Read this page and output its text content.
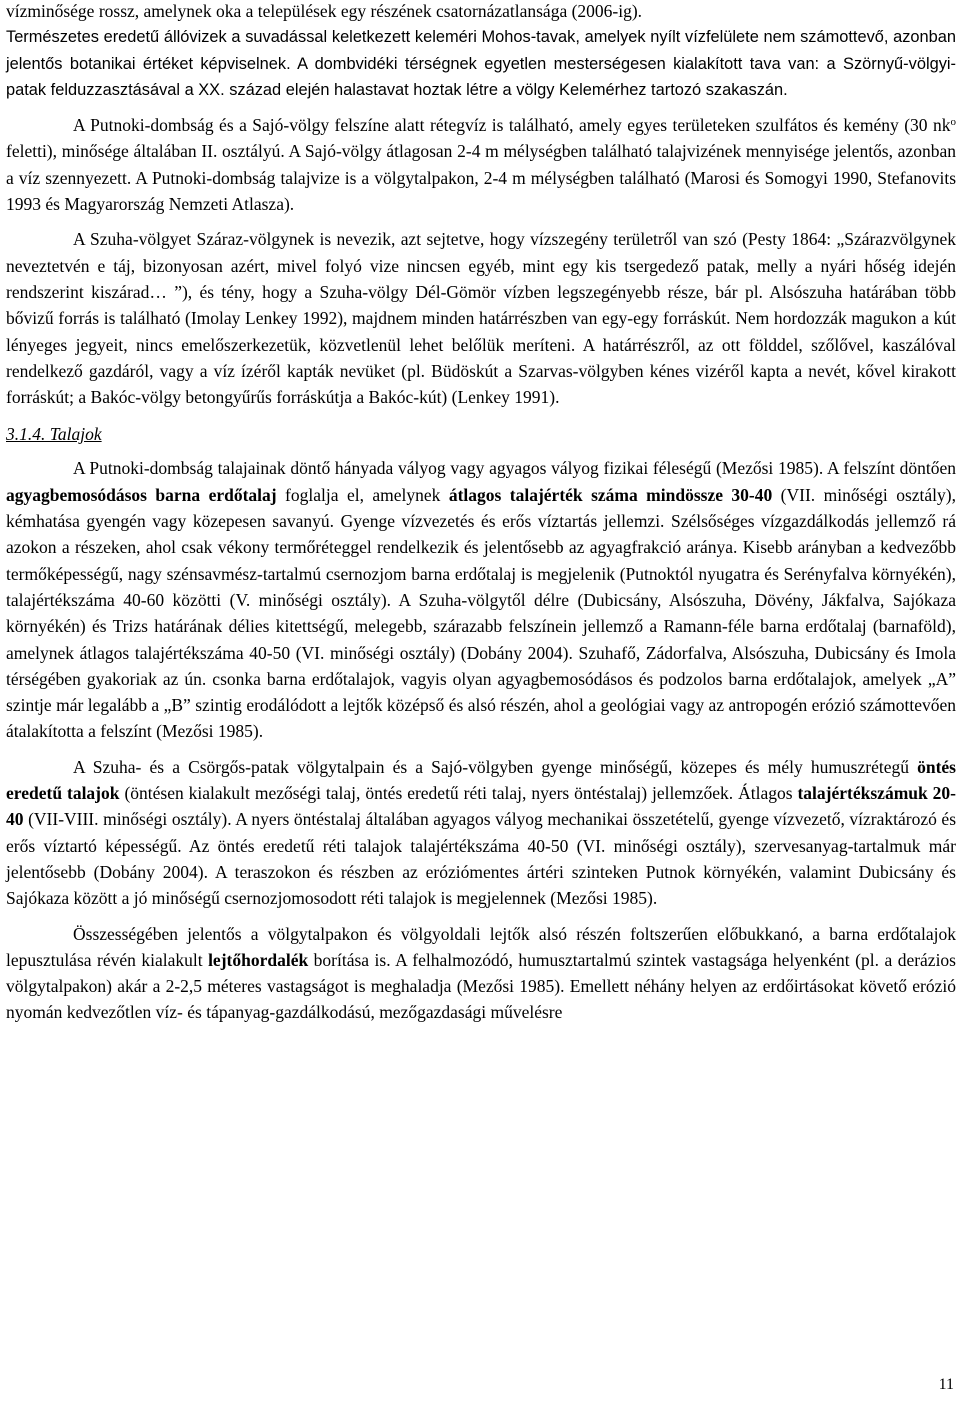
vízminősége rossz, amelynek oka a települések egy részének csatornázatlansága (2006-ig).

Természetes eredetű állóvizek a suvadással keletkezett keleméri Mohos-tavak, amelyek nyílt vízfelülete nem számottevő, azonban jelentős botanikai értéket képviselnek. A dombvidéki térségnek egyetlen mesterségesen kialakított tava van: a Szörnyű-völgyi-patak felduzzasztásával a XX. század elején halastavat hoztak létre a völgy Kelemérhez tartozó szakaszán.

A Putnoki-dombság és a Sajó-völgy felszíne alatt rétegvíz is található, amely egyes területeken szulfátos és kemény (30 $nk^o$ feletti), minősége általában II. osztályú. A Sajó-völgy átlagosan 2-4 m mélységben található talajvizének mennyisége jelentős, azonban a víz szennyezett. A Putnoki-dombság talajvize is a völgytalpakon, 2-4 m mélységben található (Marosi és Somogyi 1990, Stefanovits 1993 és Magyarország Nemzeti Atlasza).

A Szuha-völgyet Száraz-völgynek is nevezik, azt sejtetve, hogy vízszegény területről van szó (Pesty 1864: „Szárazvölgynek neveztetvén e táj, bizonyosan azért, mivel folyó vize nincsen egyéb, mint egy kis tsergedező patak, melly a nyári hőség idején rendszerint kiszárad… ”), és tény, hogy a Szuha-völgy Dél-Gömör vízben legszegényebb része, bár pl. Alsószuha határában több bővizű forrás is található (Imolay Lenkey 1992), majdnem minden határrészben van egy-egy forráskút. Nem hordozzák magukon a kút lényeges jegyeit, nincs emelőszerkezetük, közvetlenül lehet belőlük meríteni. A határrészről, az ott földdel, szőlővel, kaszálóval rendelkező gazdáról, vagy a víz ízéről kapták nevüket (pl. Büdöskút a Szarvas-völgyben kénes vizéről kapta a nevét, kővel kirakott forráskút; a Bakóc-völgy betongyűrűs forráskútja a Bakóc-kút) (Lenkey 1991).

3.1.4. Talajok

A Putnoki-dombság talajainak döntő hányada vályog vagy agyagos vályog fizikai féleségű (Mezősi 1985). A felszínt döntően agyagbemosódásos barna erdőtalaj foglalja el, amelynek átlagos talajérték száma mindössze 30-40 (VII. minőségi osztály), kémhatása gyengén vagy közepesen savanyú. Gyenge vízvezetés és erős víztartás jellemzi. Szélsőséges vízgazdálkodás jellemző rá azokon a részeken, ahol csak vékony termőréteggel rendelkezik és jelentősebb az agyagfrakció aránya. Kisebb arányban a kedvezőbb termőképességű, nagy szénsavmész-tartalmú csernozjom barna erdőtalaj is megjelenik (Putnoktól nyugatra és Serényfalva környékén), talajértékszáma 40-60 közötti (V. minőségi osztály). A Szuha-völgytől délre (Dubicsány, Alsószuha, Dövény, Jákfalva, Sajókaza környékén) és Trizs határának délies kitettségű, melegebb, szárazabb felszínein jellemző a Ramann-féle barna erdőtalaj (barnaföld), amelynek átlagos talajértékszáma 40-50 (VI. minőségi osztály) (Dobány 2004). Szuhafő, Zádorfalva, Alsószuha, Dubicsány és Imola térségében gyakoriak az ún. csonka barna erdőtalajok, vagyis olyan agyagbemosódásos és podzolos barna erdőtalajok, amelyek „A” szintje már legalább a „B” szintig erodálódott a lejtők középső és alsó részén, ahol a geológiai vagy az antropogén erózió számottevően átalakította a felszínt (Mezősi 1985).

A Szuha- és a Csörgős-patak völgytalpain és a Sajó-völgyben gyenge minőségű, közepes és mély humuszrétegű öntés eredetű talajok (öntésen kialakult mezőségi talaj, öntés eredetű réti talaj, nyers öntéstalaj) jellemzőek. Átlagos talajértékszámuk 20-40 (VII-VIII. minőségi osztály). A nyers öntéstalaj általában agyagos vályog mechanikai összetételű, gyenge vízvezető, vízraktározó és erős víztartó képességű. Az öntés eredetű réti talajok talajértékszáma 40-50 (VI. minőségi osztály), szervesanyag-tartalmuk már jelentősebb (Dobány 2004). A teraszokon és részben az eróziómentes ártéri szinteken Putnok környékén, valamint Dubicsány és Sajókaza között a jó minőségű csernozjomosodott réti talajok is megjelennek (Mezősi 1985).

Összességében jelentős a völgytalpakon és völgyoldali lejtők alsó részén foltszerűen előbukkanó, a barna erdőtalajok lepusztulása révén kialakult lejtőhordalék borítása is. A felhalmozódó, humusztartalmú szintek vastagsága helyenként (pl. a derázios völgytalpakon) akár a 2-2,5 méteres vastagságot is meghaladja (Mezősi 1985). Emellett néhány helyen az erdőirtásokat követő erózió nyomán kedvezőtlen víz- és tápanyag-gazdálkodású, mezőgazdasági művelésre

11
